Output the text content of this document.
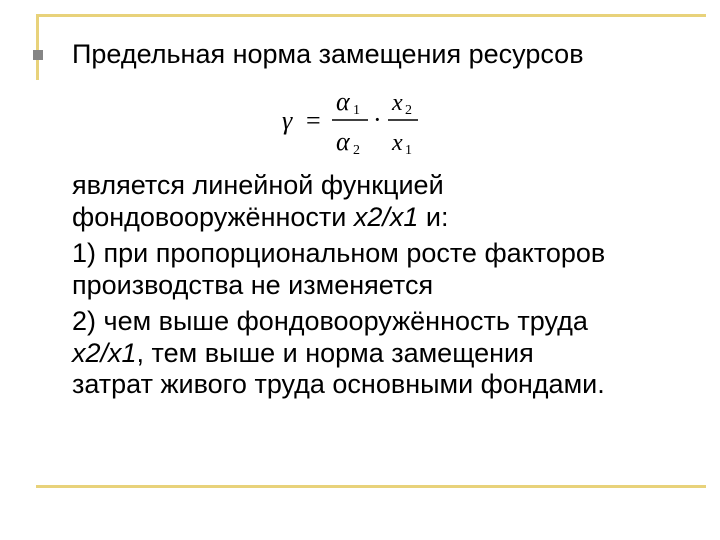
Предельная норма замещения ресурсов
γ =
α 1
α 2
·
x 2
x 1

является линейной функцией

фондовооружённости x2/x1 и:

1) при пропорциональном росте факторов

производства не изменяется

2) чем выше фондовооружённость труда

x2/x1, тем выше и норма замещения

затрат живого труда основными фондами.
